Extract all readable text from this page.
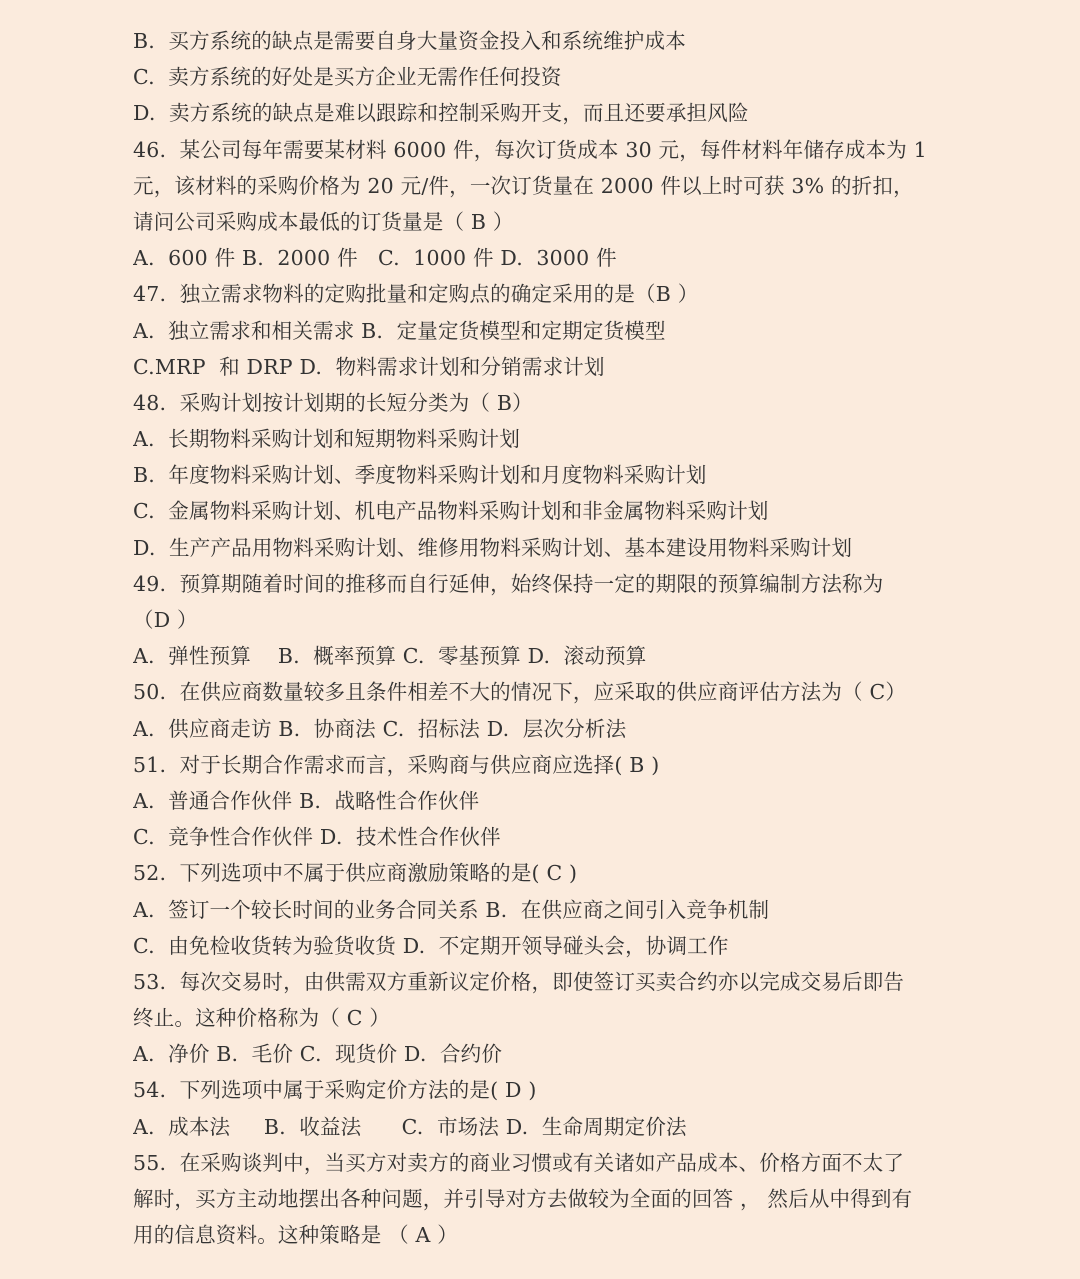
B.  买方系统的缺点是需要自身大量资金投入和系统维护成本
C.  卖方系统的好处是买方企业无需作任何投资
D.  卖方系统的缺点是难以跟踪和控制采购开支，而且还要承担风险
46.  某公司每年需要某材料 6000 件，每次订货成本 30 元，每件材料年储存成本为 1
元，该材料的采购价格为 20 元/件，一次订货量在 2000 件以上时可获 3% 的折扣，
请问公司采购成本最低的订货量是（ B ）
A.  600 件 B.  2000 件   C.  1000 件 D.  3000 件
47.  独立需求物料的定购批量和定购点的确定采用的是（B ）
A.  独立需求和相关需求 B.  定量定货模型和定期定货模型
C.MRP  和 DRP D.  物料需求计划和分销需求计划
48.  采购计划按计划期的长短分类为（ B）
A.  长期物料采购计划和短期物料采购计划
B.  年度物料采购计划、季度物料采购计划和月度物料采购计划
C.  金属物料采购计划、机电产品物料采购计划和非金属物料采购计划
D.  生产产品用物料采购计划、维修用物料采购计划、基本建设用物料采购计划
49.  预算期随着时间的推移而自行延伸，始终保持一定的期限的预算编制方法称为
（D ）
A.  弹性预算    B.  概率预算 C.  零基预算 D.  滚动预算
50.  在供应商数量较多且条件相差不大的情况下，应采取的供应商评估方法为（ C）
A.  供应商走访 B.  协商法 C.  招标法 D.  层次分析法
51.  对于长期合作需求而言，采购商与供应商应选择( B )
A.  普通合作伙伴 B.  战略性合作伙伴
C.  竞争性合作伙伴 D.  技术性合作伙伴
52.  下列选项中不属于供应商激励策略的是( C )
A.  签订一个较长时间的业务合同关系 B.  在供应商之间引入竞争机制
C.  由免检收货转为验货收货 D.  不定期开领导碰头会，协调工作
53.  每次交易时，由供需双方重新议定价格，即使签订买卖合约亦以完成交易后即告
终止。这种价格称为（ C ）
A.  净价 B.  毛价 C.  现货价 D.  合约价
54.  下列选项中属于采购定价方法的是( D )
A.  成本法     B.  收益法      C.  市场法 D.  生命周期定价法
55.  在采购谈判中，当买方对卖方的商业习惯或有关诸如产品成本、价格方面不太了
解时，买方主动地摆出各种问题，并引导对方去做较为全面的回答 ， 然后从中得到有
用的信息资料。这种策略是 （ A ）
